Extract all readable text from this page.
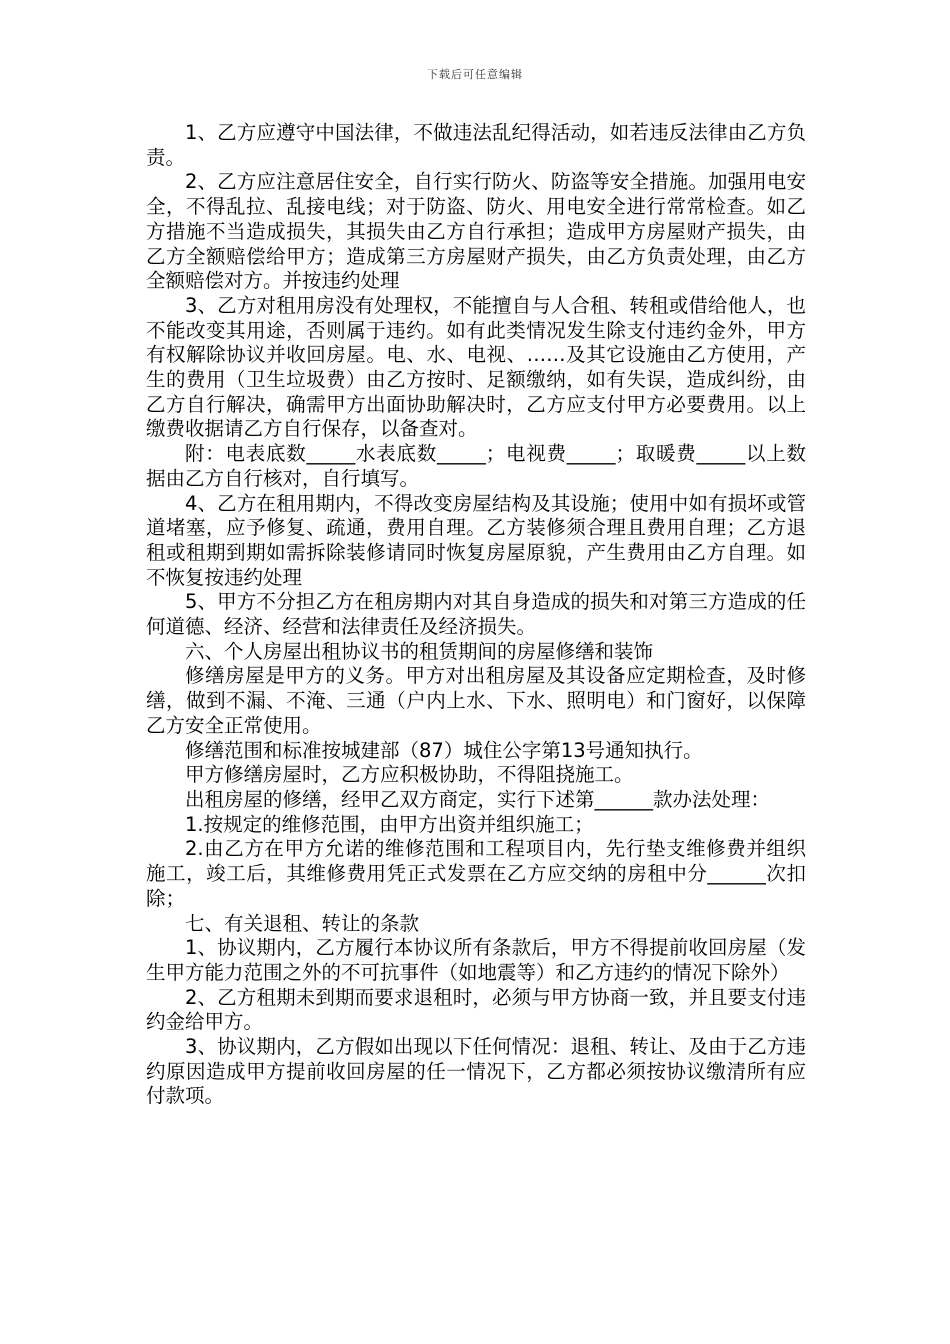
下载后可任意编辑

1、乙方应遵守中国法律，不做违法乱纪得活动，如若违反法律由乙方负责。

2、乙方应注意居住安全，自行实行防火、防盗等安全措施。加强用电安全，不得乱拉、乱接电线；对于防盗、防火、用电安全进行常常检查。如乙方措施不当造成损失，其损失由乙方自行承担；造成甲方房屋财产损失，由乙方全额赔偿给甲方；造成第三方房屋财产损失，由乙方负责处理，由乙方全额赔偿对方。并按违约处理

3、乙方对租用房没有处理权，不能擅自与人合租、转租或借给他人，也不能改变其用途，否则属于违约。如有此类情况发生除支付违约金外，甲方有权解除协议并收回房屋。电、水、电视、……及其它设施由乙方使用，产生的费用（卫生垃圾费）由乙方按时、足额缴纳，如有失误，造成纠纷，由乙方自行解决，确需甲方出面协助解决时，乙方应支付甲方必要费用。以上缴费收据请乙方自行保存，以备查对。

附：电表底数_____水表底数_____；电视费_____；取暖费_____以上数据由乙方自行核对，自行填写。

4、乙方在租用期内，不得改变房屋结构及其设施；使用中如有损坏或管道堵塞，应予修复、疏通，费用自理。乙方装修须合理且费用自理；乙方退租或租期到期如需拆除装修请同时恢复房屋原貌，产生费用由乙方自理。如不恢复按违约处理

5、甲方不分担乙方在租房期内对其自身造成的损失和对第三方造成的任何道德、经济、经营和法律责任及经济损失。

六、个人房屋出租协议书的租赁期间的房屋修缮和装饰

修缮房屋是甲方的义务。甲方对出租房屋及其设备应定期检查，及时修缮，做到不漏、不淹、三通（户内上水、下水、照明电）和门窗好，以保障乙方安全正常使用。

修缮范围和标准按城建部（87）城住公字第13号通知执行。

甲方修缮房屋时，乙方应积极协助，不得阻挠施工。

出租房屋的修缮，经甲乙双方商定，实行下述第______款办法处理：

1.按规定的维修范围，由甲方出资并组织施工；

2.由乙方在甲方允诺的维修范围和工程项目内，先行垫支维修费并组织施工，竣工后，其维修费用凭正式发票在乙方应交纳的房租中分______次扣除；

七、有关退租、转让的条款

1、协议期内，乙方履行本协议所有条款后，甲方不得提前收回房屋（发生甲方能力范围之外的不可抗事件（如地震等）和乙方违约的情况下除外）

2、乙方租期未到期而要求退租时，必须与甲方协商一致，并且要支付违约金给甲方。

3、协议期内，乙方假如出现以下任何情况：退租、转让、及由于乙方违约原因造成甲方提前收回房屋的任一情况下，乙方都必须按协议缴清所有应付款项。
